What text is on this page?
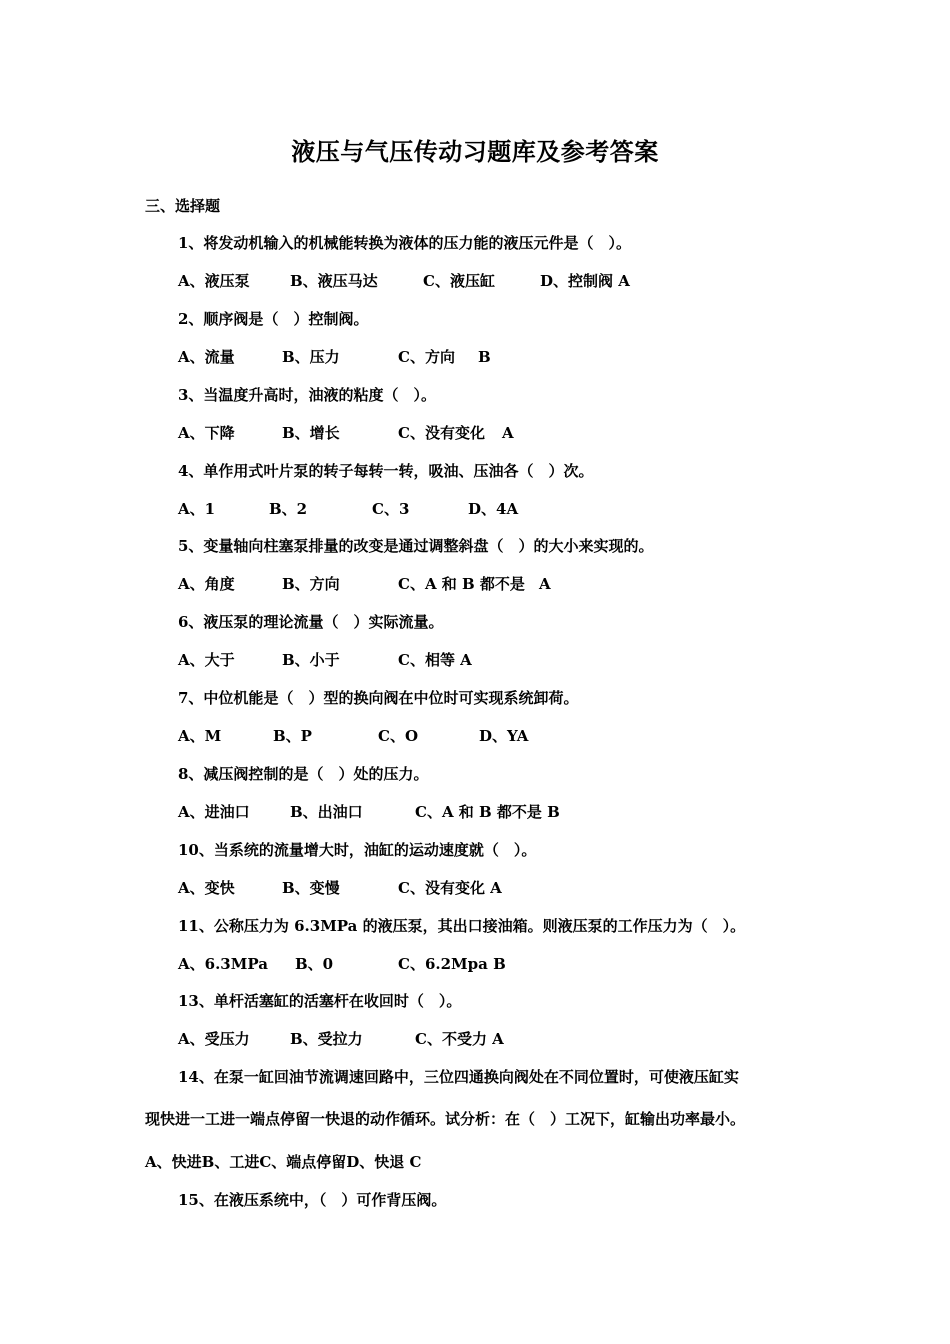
液压与气压传动习题库及参考答案
三、选择题
1、将发动机输入的机械能转换为液体的压力能的液压元件是（　）。
A、液压泵	B、液压马达	C、液压缸	D、控制阀 A
2、顺序阀是（　）控制阀。
A、流量	B、压力	C、方向 B
3、当温度升高时，油液的粘度（　）。
A、下降	B、增长	C、没有变化 A
4、单作用式叶片泵的转子每转一转，吸油、压油各（　）次。
A、1	B、2	C、3	D、4A
5、变量轴向柱塞泵排量的改变是通过调整斜盘（　）的大小来实现的。
A、角度	B、方向	C、A 和 B 都不是 A
6、液压泵的理论流量（　）实际流量。
A、大于	B、小于	C、相等 A
7、中位机能是（　）型的换向阀在中位时可实现系统卸荷。
A、M	B、P	C、O	D、YA
8、减压阀控制的是（　）处的压力。
A、进油口	B、出油口	C、A 和 B 都不是 B
10、当系统的流量增大时，油缸的运动速度就（　）。
A、变快	B、变慢	C、没有变化 A
11、公称压力为 6.3MPa 的液压泵，其出口接油箱。则液压泵的工作压力为（　）。
A、6.3MPa B、0	C、6.2Mpa B
13、单杆活塞缸的活塞杆在收回时（　）。
A、受压力	B、受拉力	C、不受力 A
14、在泵一缸回油节流调速回路中，三位四通换向阀处在不同位置时，可使液压缸实
现快进一工进一端点停留一快退的动作循环。试分析：在（　）工况下，缸输出功率最小。
A、快进B、工进C、端点停留D、快退 C
15、在液压系统中，（　）可作背压阀。
